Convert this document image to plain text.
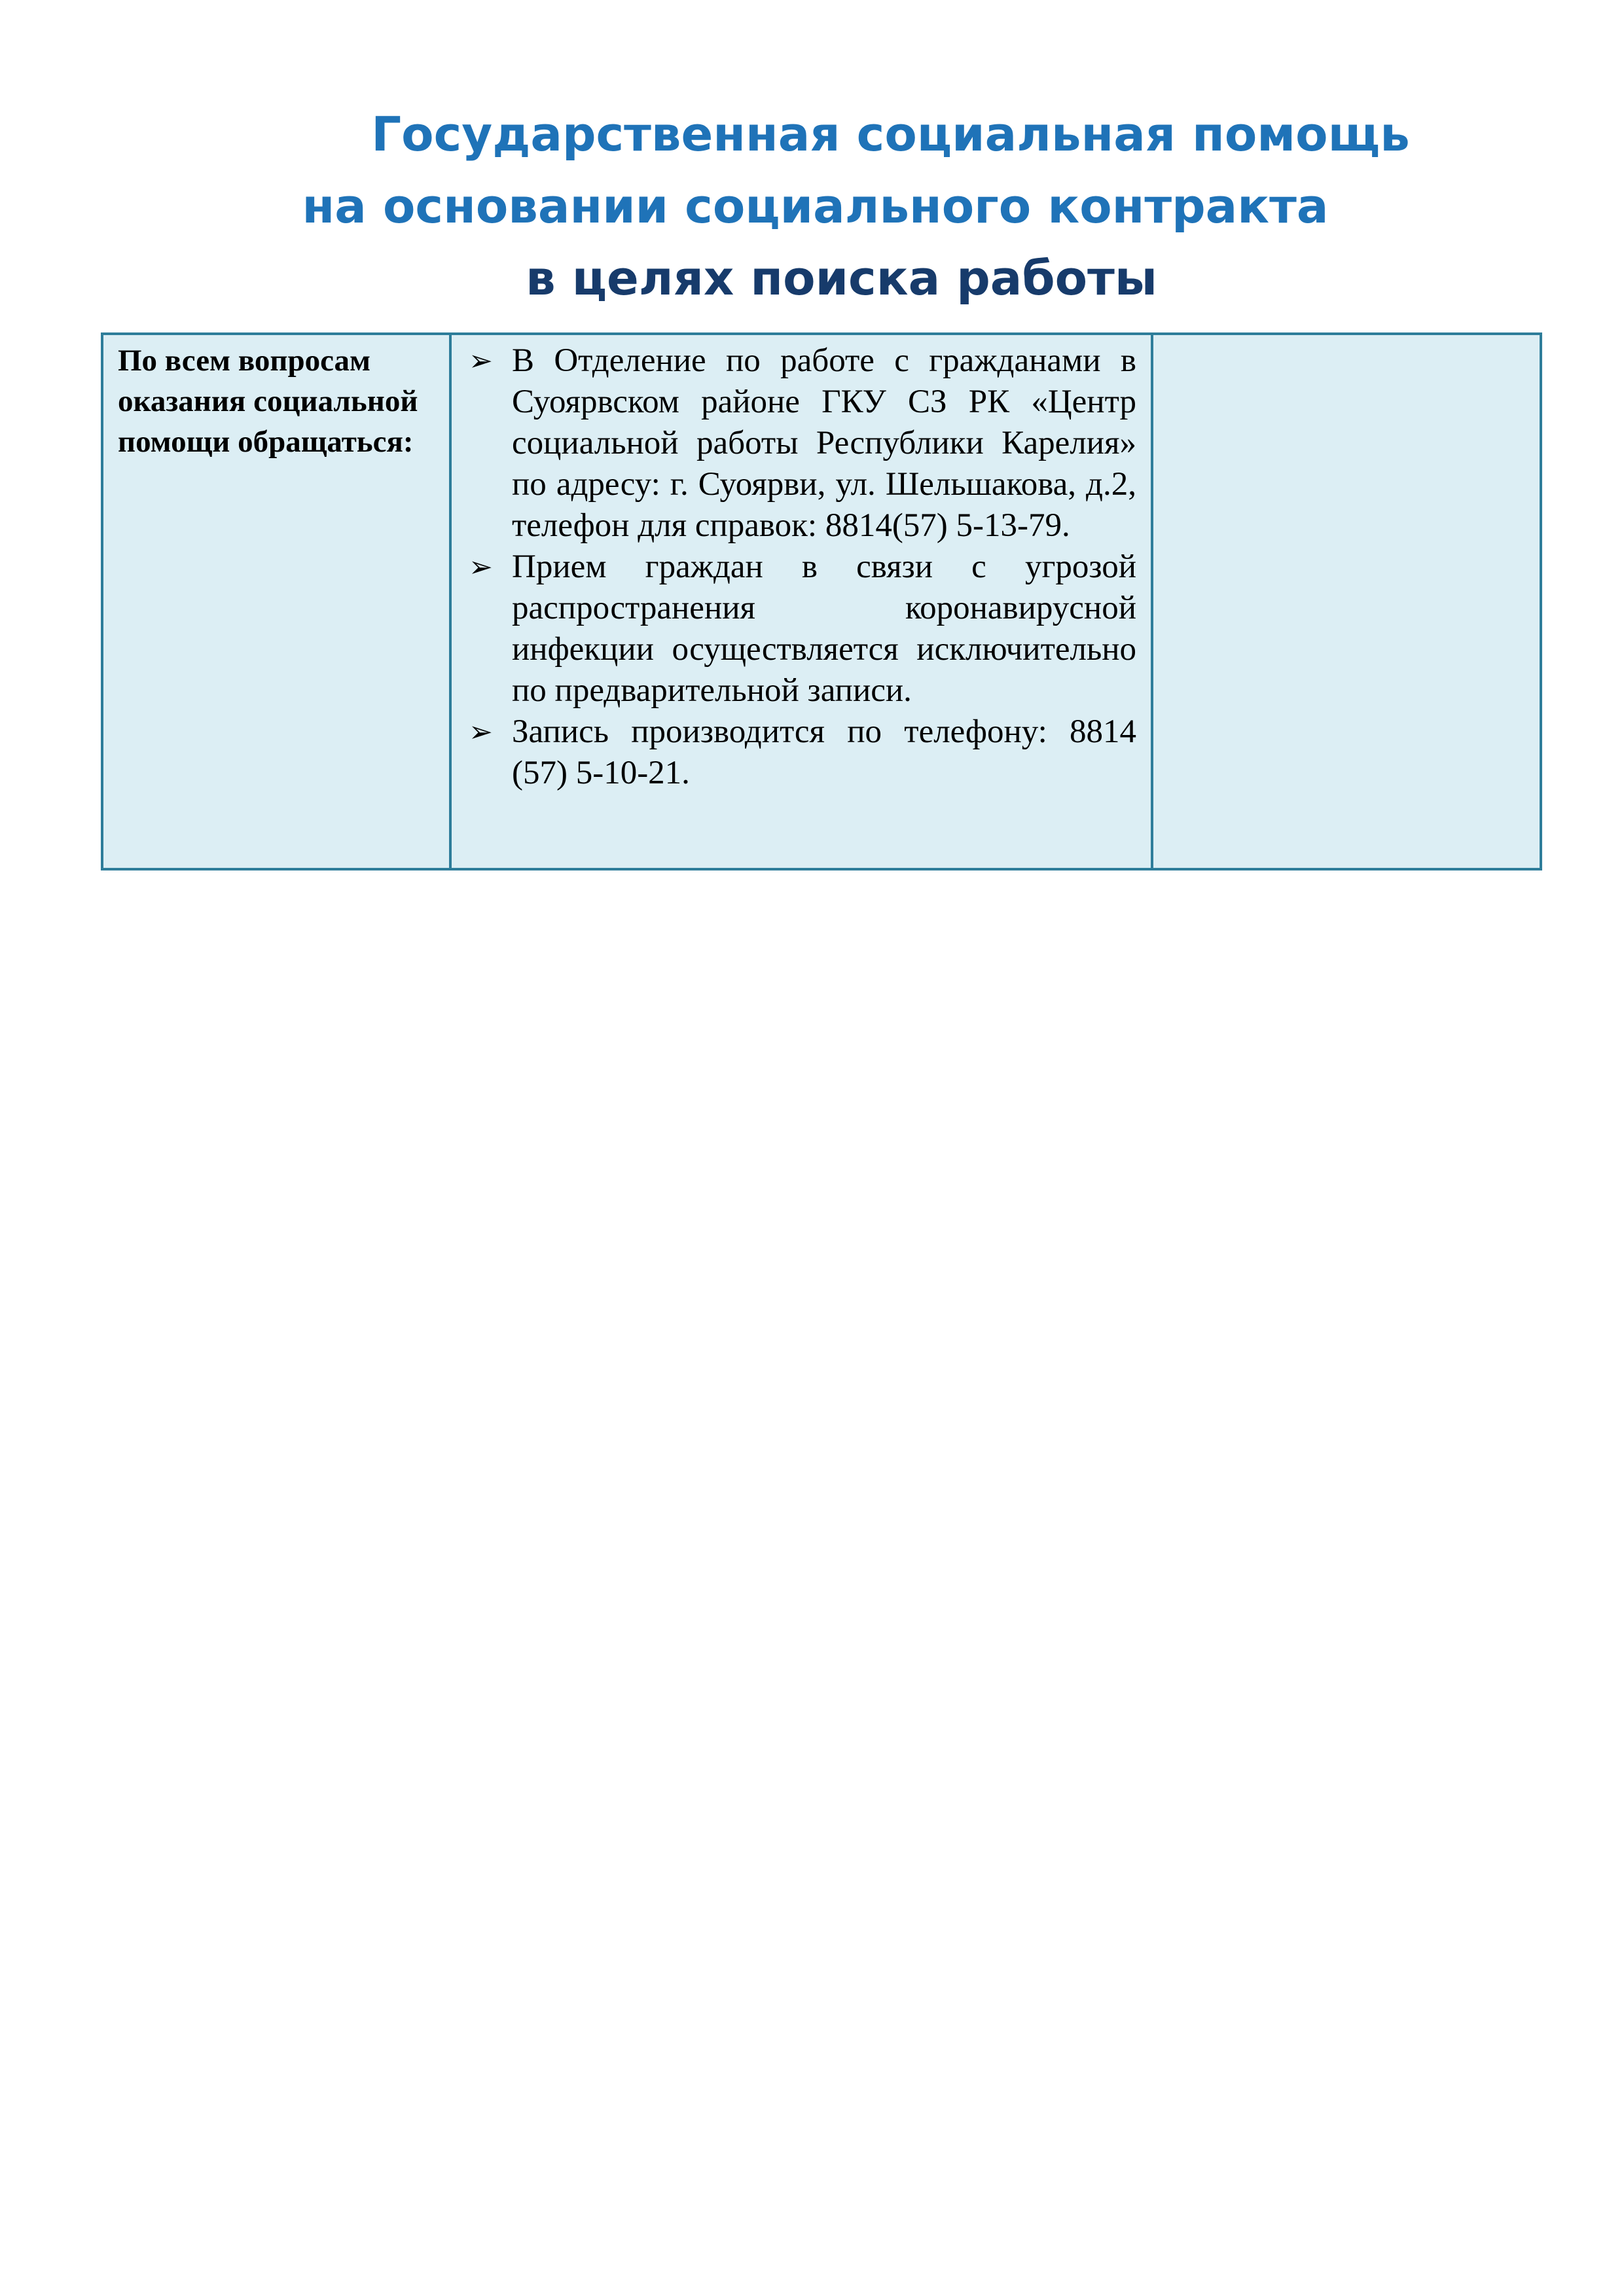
Государственная социальная помощь
на основании социального контракта
в целях поиска работы
По всем вопросам оказания социальной помощи обращаться:

➢ В Отделение по работе с гражданами в Суоярвском районе ГКУ СЗ РК «Центр социальной работы Республики Карелия» по адресу: г. Суоярви, ул. Шельшакова, д.2, телефон для справок: 8814(57) 5-13-79.
➢ Прием граждан в связи с угрозой распространения коронавирусной инфекции осуществляется исключительно по предварительной записи.
➢ Запись производится по телефону: 8814 (57) 5-10-21.
